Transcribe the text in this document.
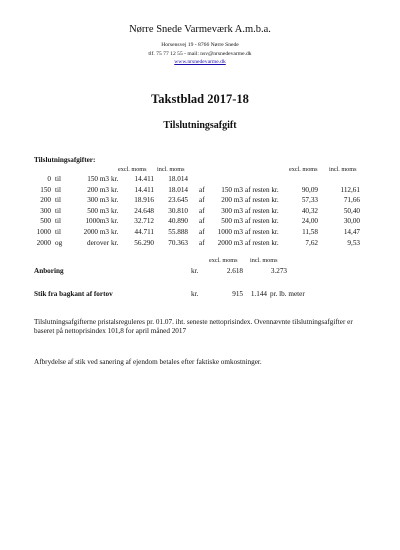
Nørre Snede Varmeværk A.m.b.a.
Horsensvej 19 - 8766 Nørre Snede
tlf. 75 77 12 55 - mail: nsv@nrsnedevarme.dk
www.nrsnedevarme.dk
Takstblad 2017-18
Tilslutningsafgift
Tilslutningsafgifter:
excl. moms incl. moms	excl. moms incl. moms
0 til	150 m3 kr.	14.411	18.014
150 til	200 m3 kr.	14.411	18.014 af	150 m3 af resten kr.	90,09	112,61
200 til	300 m3 kr.	18.916	23.645 af	200 m3 af resten kr.	57,33	71,66
300 til	500 m3 kr.	24.648	30.810 af	300 m3 af resten kr.	40,32	50,40
500 til	1000m3 kr.	32.712	40.890 af	500 m3 af resten kr.	24,00	30,00
1000 til	2000 m3 kr.	44.711	55.888 af	1000 m3 af resten kr.	11,58	14,47
2000 og	derover kr.	56.290	70.363 af	2000 m3 af resten kr.	7,62	9,53
excl. moms incl. moms
Anboring	kr.	2.618	3.273
Stik fra bagkant af fortov	kr.	915 1.144 pr. lb. meter
Tilslutningsafgifterne pristalsreguleres pr. 01.07. iht. seneste nettoprisindex. Ovennævnte tilslutningsafgifter er baseret på nettoprisindex 101,8 for april måned 2017
Afbrydelse af stik ved sanering af ejendom betales efter faktiske omkostninger.
